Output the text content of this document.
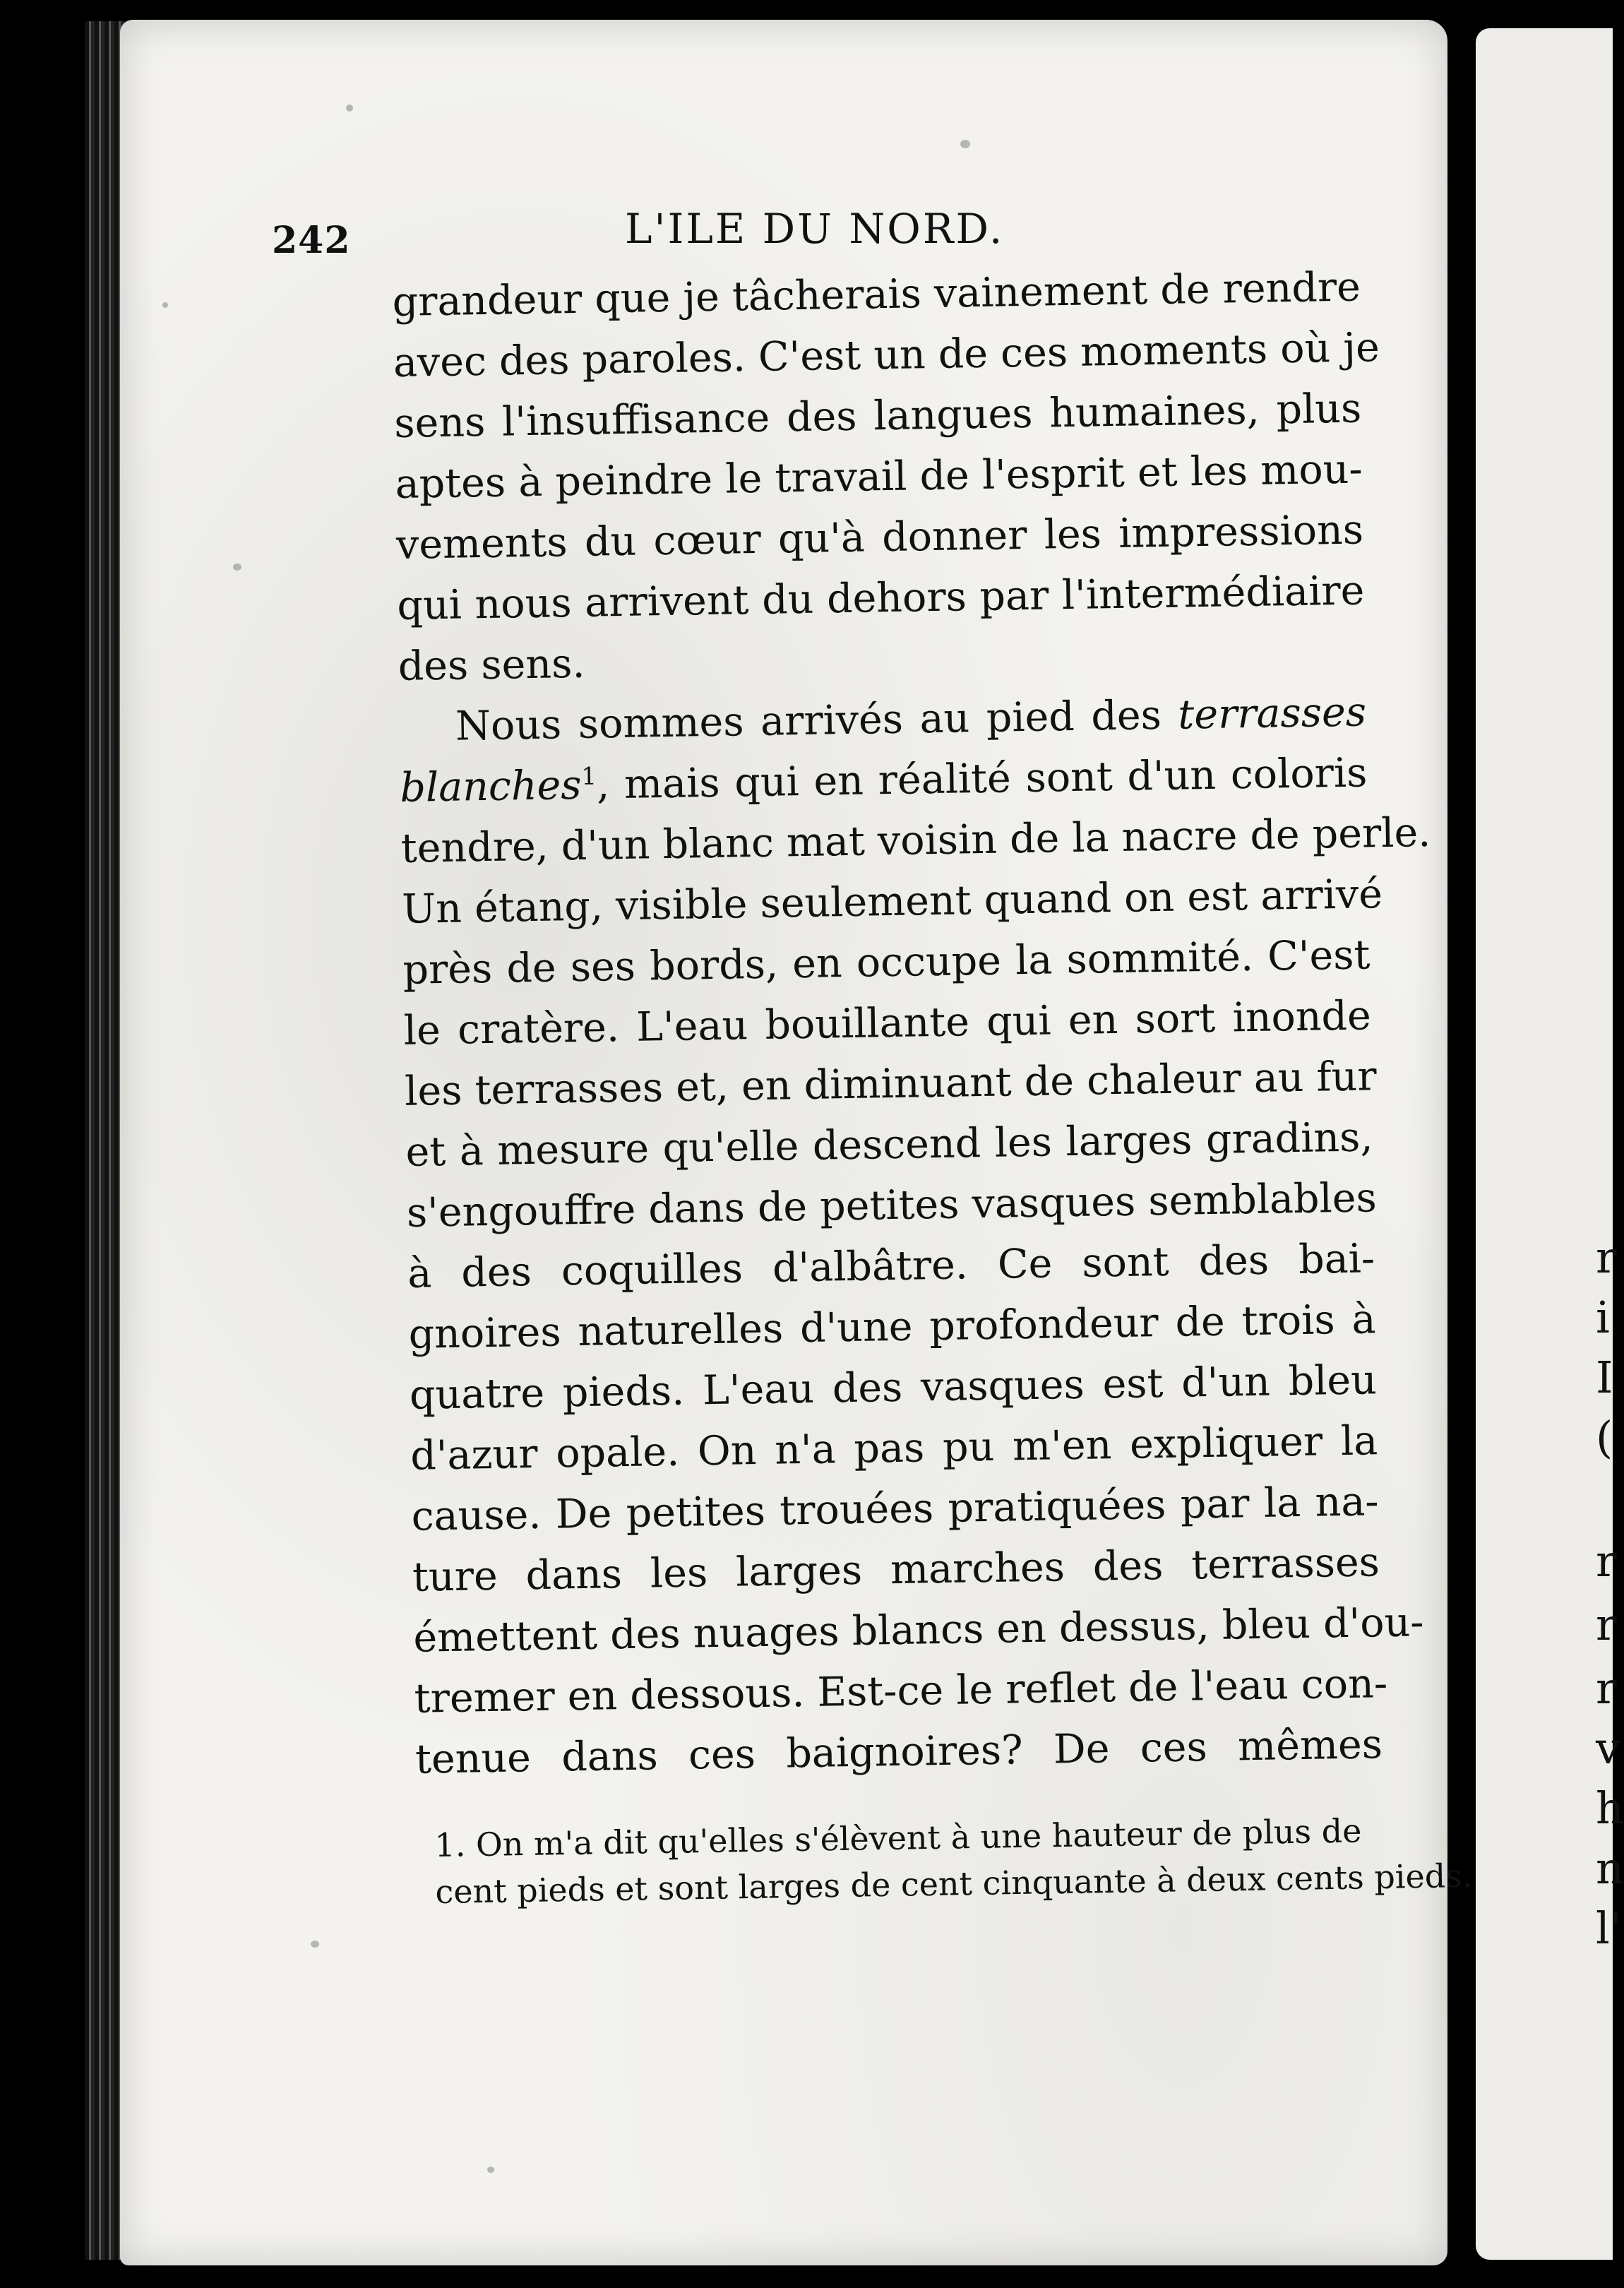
r
i
I
(
r
r
r
v
h
n
l'
242	L'ILE DU NORD.
grandeur que je tâcherais vainement de rendre
avec des paroles. C'est un de ces moments où je
sens l'insuffisance des langues humaines, plus
aptes à peindre le travail de l'esprit et les mou-
vements du cœur qu'à donner les impressions
qui nous arrivent du dehors par l'intermédiaire
des sens.
Nous sommes arrivés au pied des terrasses
blanches$^1$, mais qui en réalité sont d'un coloris
tendre, d'un blanc mat voisin de la nacre de perle.
Un étang, visible seulement quand on est arrivé
près de ses bords, en occupe la sommité. C'est
le cratère. L'eau bouillante qui en sort inonde
les terrasses et, en diminuant de chaleur au fur
et à mesure qu'elle descend les larges gradins,
s'engouffre dans de petites vasques semblables
à des coquilles d'albâtre. Ce sont des bai-
gnoires naturelles d'une profondeur de trois à
quatre pieds. L'eau des vasques est d'un bleu
d'azur opale. On n'a pas pu m'en expliquer la
cause. De petites trouées pratiquées par la na-
ture dans les larges marches des terrasses
émettent des nuages blancs en dessus, bleu d'ou-
tremer en dessous. Est-ce le reflet de l'eau con-
tenue dans ces baignoires? De ces mêmes
1. On m'a dit qu'elles s'élèvent à une hauteur de plus de
cent pieds et sont larges de cent cinquante à deux cents pieds.
